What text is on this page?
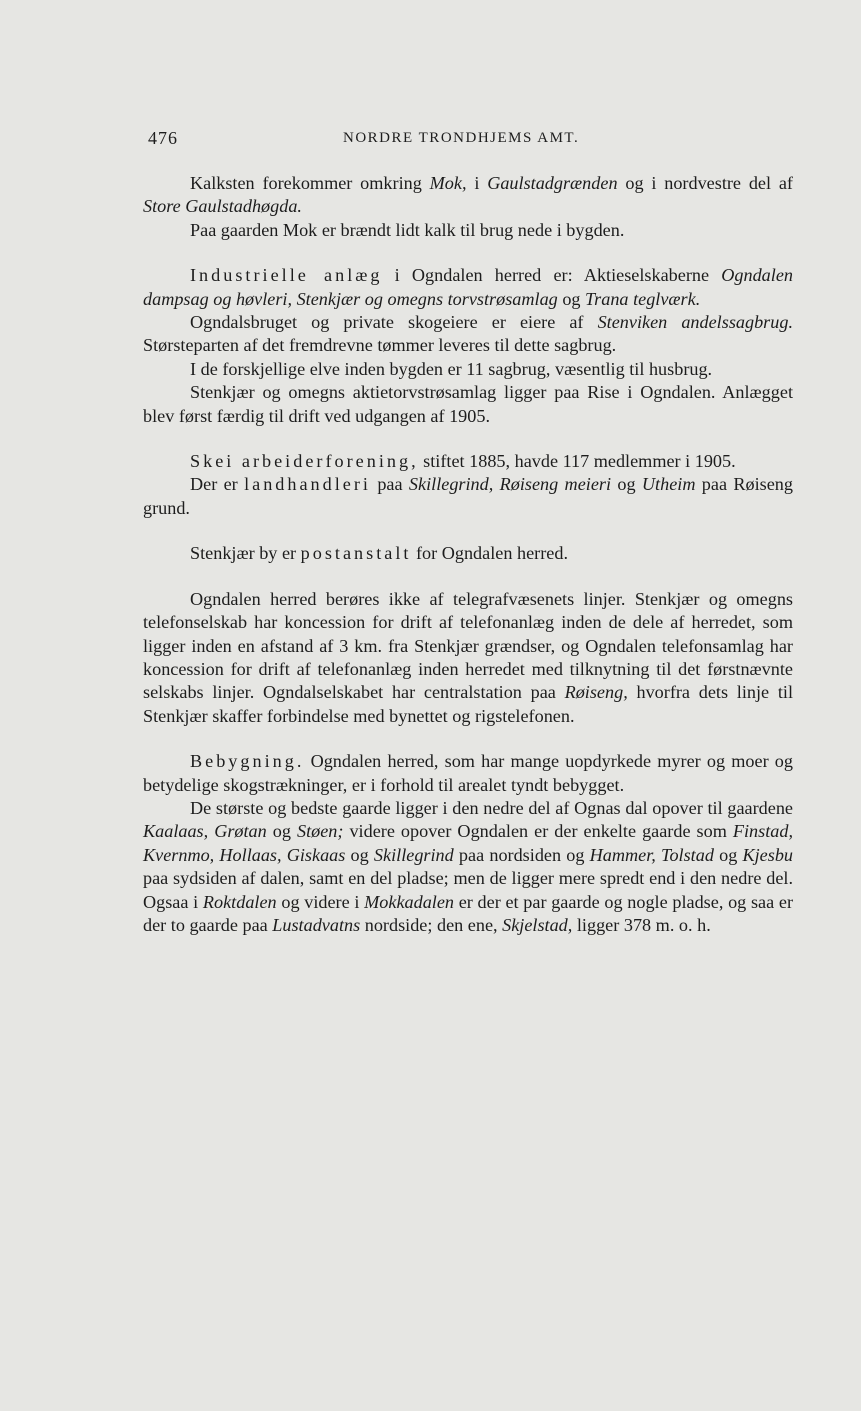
476	NORDRE TRONDHJEMS AMT.

Kalksten forekommer omkring Mok, i Gaulstadgrænden og i nordvestre del af Store Gaulstadhøgda.

Paa gaarden Mok er brændt lidt kalk til brug nede i bygden.

Industrielle anlæg i Ogndalen herred er: Aktieselskaberne Ogndalen dampsag og høvleri, Stenkjær og omegns torvstrøsamlag og Trana teglværk.

Ogndalsbruget og private skogeiere er eiere af Stenviken andelssagbrug. Størsteparten af det fremdrevne tømmer leveres til dette sagbrug.

I de forskjellige elve inden bygden er 11 sagbrug, væsentlig til husbrug.

Stenkjær og omegns aktietorvstrøsamlag ligger paa Rise i Ogndalen. Anlægget blev først færdig til drift ved udgangen af 1905.

Skei arbeiderforening, stiftet 1885, havde 117 medlemmer i 1905.

Der er landhandleri paa Skillegrind, Røiseng meieri og Utheim paa Røiseng grund.

Stenkjær by er postanstalt for Ogndalen herred.

Ogndalen herred berøres ikke af telegrafvæsenets linjer. Stenkjær og omegns telefonselskab har koncession for drift af telefonanlæg inden de dele af herredet, som ligger inden en afstand af 3 km. fra Stenkjær grændser, og Ogndalen telefonsamlag har koncession for drift af telefonanlæg inden herredet med tilknytning til det førstnævnte selskabs linjer. Ogndalselskabet har centralstation paa Røiseng, hvorfra dets linje til Stenkjær skaffer forbindelse med bynettet og rigstelefonen.

Bebygning. Ogndalen herred, som har mange uopdyrkede myrer og moer og betydelige skogstrækninger, er i forhold til arealet tyndt bebygget.

De største og bedste gaarde ligger i den nedre del af Ognas dal opover til gaardene Kaalaas, Grøtan og Støen; videre opover Ogndalen er der enkelte gaarde som Finstad, Kvernmo, Hollaas, Giskaas og Skillegrind paa nordsiden og Hammer, Tolstad og Kjesbu paa sydsiden af dalen, samt en del pladse; men de ligger mere spredt end i den nedre del. Ogsaa i Roktdalen og videre i Mokkadalen er der et par gaarde og nogle pladse, og saa er der to gaarde paa Lustadvatns nordside; den ene, Skjelstad, ligger 378 m. o. h.
